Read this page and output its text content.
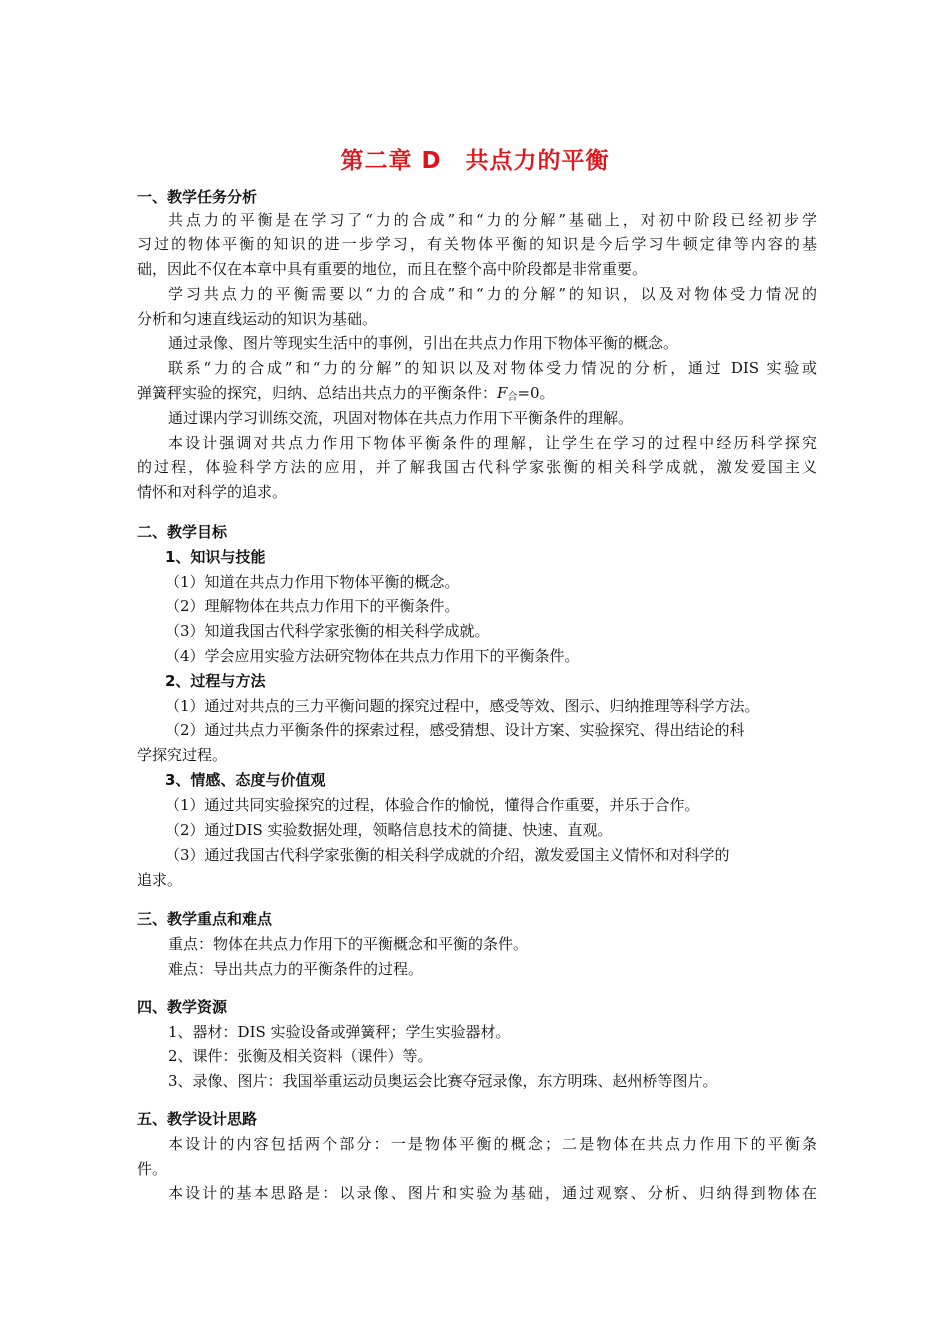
第二章 D　共点力的平衡
一、教学任务分析
共点力的平衡是在学习了“力的合成”和“力的分解”基础上，对初中阶段已经初步学
习过的物体平衡的知识的进一步学习，有关物体平衡的知识是今后学习牛顿定律等内容的基
础，因此不仅在本章中具有重要的地位，而且在整个高中阶段都是非常重要。
学习共点力的平衡需要以“力的合成”和“力的分解”的知识，以及对物体受力情况的
分析和匀速直线运动的知识为基础。
通过录像、图片等现实生活中的事例，引出在共点力作用下物体平衡的概念。
联系“力的合成”和“力的分解”的知识以及对物体受力情况的分析，通过 DIS 实验或
弹簧秤实验的探究，归纳、总结出共点力的平衡条件：F合=0。
通过课内学习训练交流，巩固对物体在共点力作用下平衡条件的理解。
本设计强调对共点力作用下物体平衡条件的理解，让学生在学习的过程中经历科学探究
的过程，体验科学方法的应用，并了解我国古代科学家张衡的相关科学成就，激发爱国主义
情怀和对科学的追求。
二、教学目标
1、知识与技能
（1）知道在共点力作用下物体平衡的概念。
（2）理解物体在共点力作用下的平衡条件。
（3）知道我国古代科学家张衡的相关科学成就。
（4）学会应用实验方法研究物体在共点力作用下的平衡条件。
2、过程与方法
（1）通过对共点的三力平衡问题的探究过程中，感受等效、图示、归纳推理等科学方法。
（2）通过共点力平衡条件的探索过程，感受猜想、设计方案、实验探究、得出结论的科
学探究过程。
3、情感、态度与价值观
（1）通过共同实验探究的过程，体验合作的愉悦，懂得合作重要，并乐于合作。
（2）通过DIS 实验数据处理，领略信息技术的简捷、快速、直观。
（3）通过我国古代科学家张衡的相关科学成就的介绍，激发爱国主义情怀和对科学的
追求。
三、教学重点和难点
重点：物体在共点力作用下的平衡概念和平衡的条件。
难点：导出共点力的平衡条件的过程。
四、教学资源
1、器材：DIS 实验设备或弹簧秤；学生实验器材。
2、课件：张衡及相关资料（课件）等。
3、录像、图片：我国举重运动员奥运会比赛夺冠录像，东方明珠、赵州桥等图片。
五、教学设计思路
本设计的内容包括两个部分：一是物体平衡的概念；二是物体在共点力作用下的平衡条
件。
本设计的基本思路是：以录像、图片和实验为基础，通过观察、分析、归纳得到物体在
